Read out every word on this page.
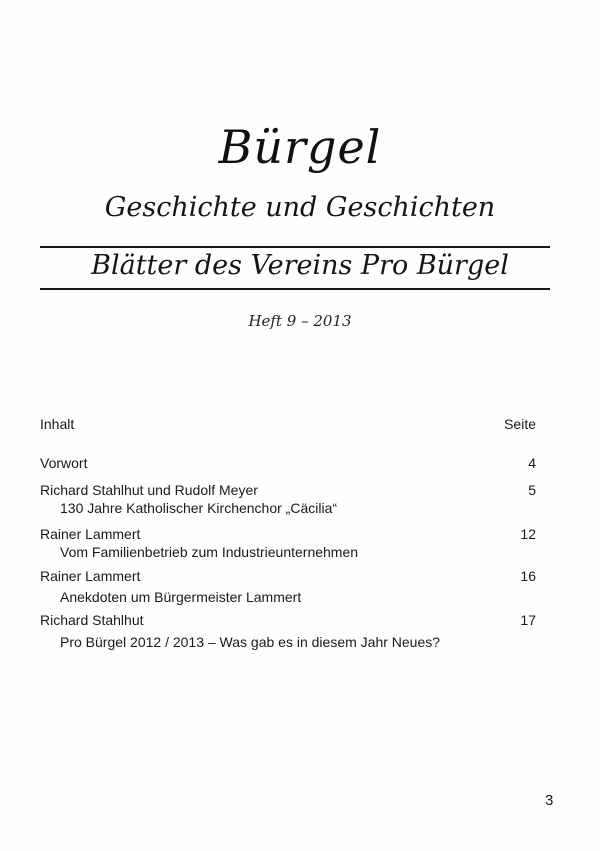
Bürgel
Geschichte und Geschichten
Blätter des Vereins Pro Bürgel
Heft 9 – 2013
Inhalt	Seite
Vorwort	4
Richard Stahlhut und Rudolf Meyer	5
130 Jahre Katholischer Kirchenchor „Cäcilia“
Rainer Lammert	12
Vom Familienbetrieb zum Industrieunternehmen
Rainer Lammert	16
Anekdoten um Bürgermeister Lammert
Richard Stahlhut	17
Pro Bürgel 2012 / 2013 – Was gab es in diesem Jahr Neues?
3
